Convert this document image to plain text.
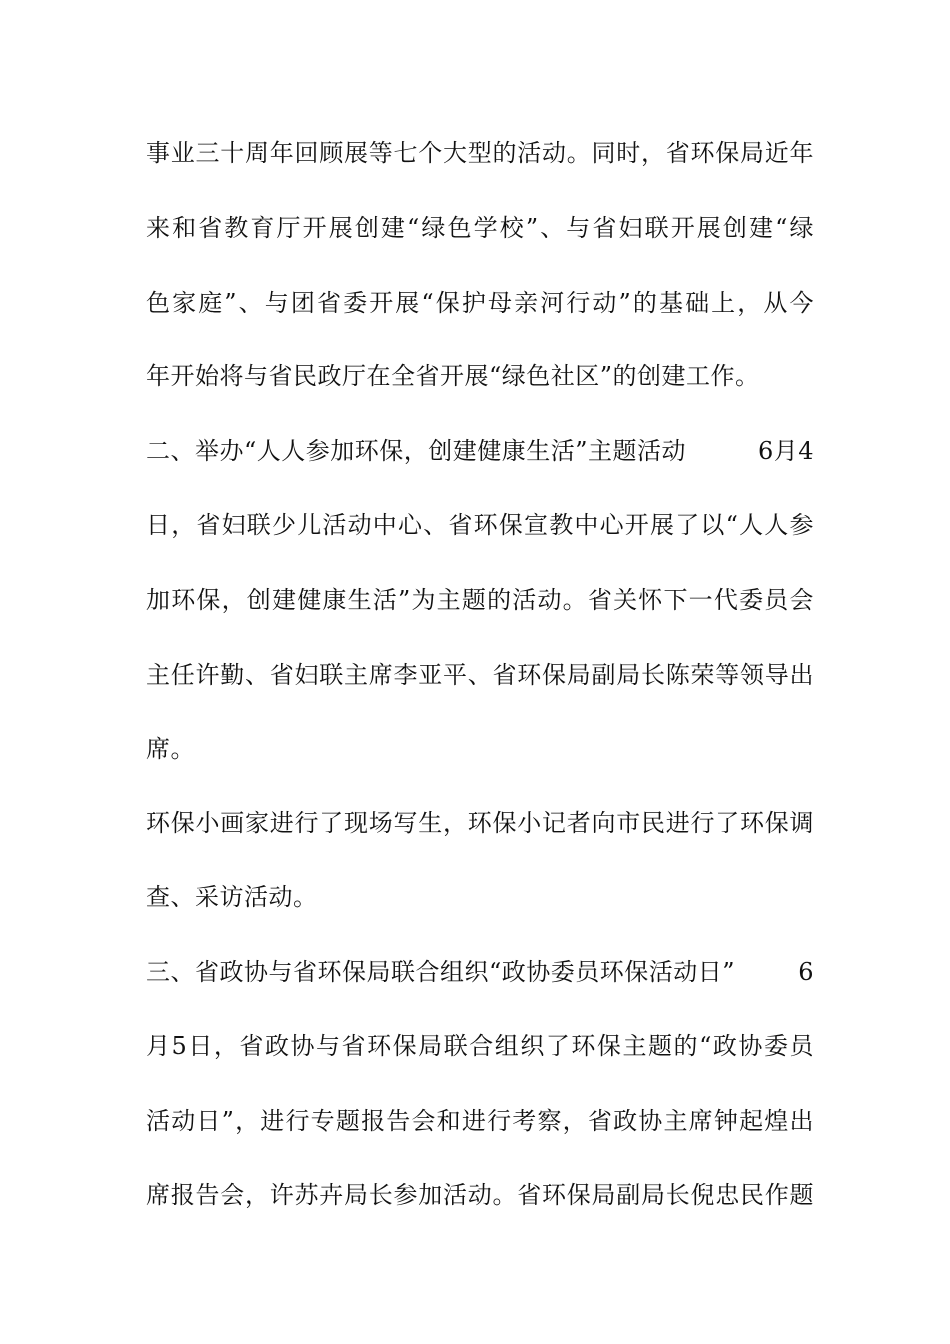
事业三十周年回顾展等七个大型的活动。同时，省环保局近年
来和省教育厅开展创建“绿色学校”、与省妇联开展创建“绿
色家庭”、与团省委开展“保护母亲河行动”的基础上，从今
年开始将与省民政厅在全省开展“绿色社区”的创建工作。
二、举办“人人参加环保，创建健康生活”主题活动	6月4
日，省妇联少儿活动中心、省环保宣教中心开展了以“人人参
加环保，创建健康生活”为主题的活动。省关怀下一代委员会
主任许勤、省妇联主席李亚平、省环保局副局长陈荣等领导出
席。
环保小画家进行了现场写生，环保小记者向市民进行了环保调
查、采访活动。
三、省政协与省环保局联合组织“政协委员环保活动日”	6
月5日，省政协与省环保局联合组织了环保主题的“政协委员
活动日”，进行专题报告会和进行考察，省政协主席钟起煌出
席报告会，许苏卉局长参加活动。省环保局副局长倪忠民作题
